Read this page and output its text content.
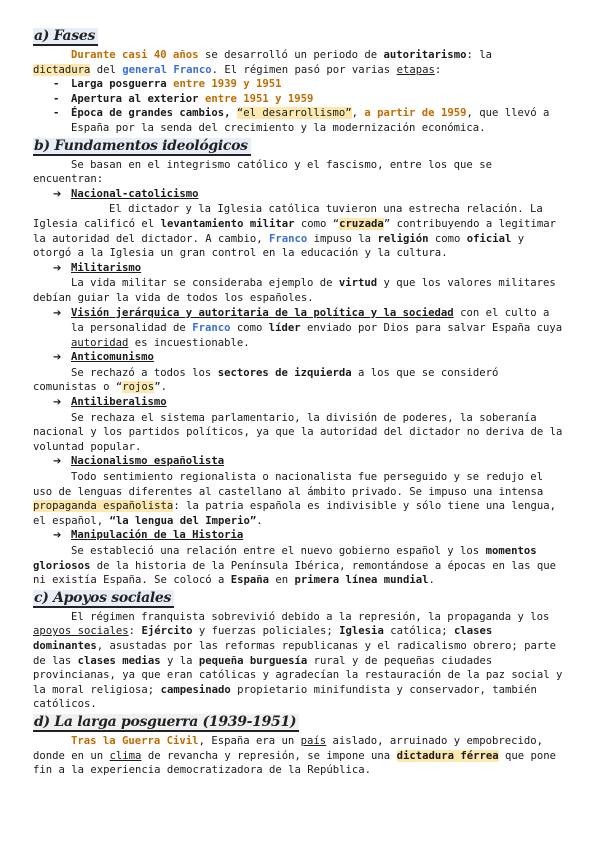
a) Fases

Durante casi 40 años se desarrolló un periodo de autoritarismo: la
dictadura del general Franco. El régimen pasó por varias etapas:

- Larga posguerra entre 1939 y 1951
- Apertura al exterior entre 1951 y 1959
- Época de grandes cambios, “el desarrollismo”, a partir de 1959, que llevó a España por la senda del crecimiento y la modernización económica.
b) Fundamentos ideológicos

Se basan en el integrismo católico y el fascismo, entre los que se encuentran:

➔ Nacional-catolicismo

El dictador y la Iglesia católica tuvieron una estrecha relación. La Iglesia calificó el levantamiento militar como “cruzada” contribuyendo a legitimar la autoridad del dictador. A cambio, Franco impuso la religión como oficial y otorgó a la Iglesia un gran control en la educación y la cultura.

➔ Militarismo

La vida militar se consideraba ejemplo de virtud y que los valores militares debían guiar la vida de todos los españoles.

➔ Visión jerárquica y autoritaria de la política y la sociedad con el culto a la personalidad de Franco como líder enviado por Dios para salvar España cuya autoridad es incuestionable.
➔ Anticomunismo

Se rechazó a todos los sectores de izquierda a los que se consideró comunistas o “rojos”.

➔ Antiliberalismo

Se rechaza el sistema parlamentario, la división de poderes, la soberanía nacional y los partidos políticos, ya que la autoridad del dictador no deriva de la voluntad popular.

➔ Nacionalismo españolista

Todo sentimiento regionalista o nacionalista fue perseguido y se redujo el uso de lenguas diferentes al castellano al ámbito privado. Se impuso una intensa propaganda españolista: la patria española es indivisible y sólo tiene una lengua, el español, “la lengua del Imperio”.

➔ Manipulación de la Historia

Se estableció una relación entre el nuevo gobierno español y los momentos gloriosos de la historia de la Península Ibérica, remontándose a épocas en las que ni existía España. Se colocó a España en primera línea mundial.

c) Apoyos sociales

El régimen franquista sobrevivió debido a la represión, la propaganda y los apoyos sociales: Ejército y fuerzas policiales; Iglesia católica; clases dominantes, asustadas por las reformas republicanas y el radicalismo obrero; parte de las clases medias y la pequeña burguesía rural y de pequeñas ciudades provincianas, ya que eran católicas y agradecían la restauración de la paz social y la moral religiosa; campesinado propietario minifundista y conservador, también católicos.

d) La larga posguerra (1939-1951)

Tras la Guerra Civil, España era un país aislado, arruinado y empobrecido, donde en un clima de revancha y represión, se impone una dictadura férrea que pone fin a la experiencia democratizadora de la República.
